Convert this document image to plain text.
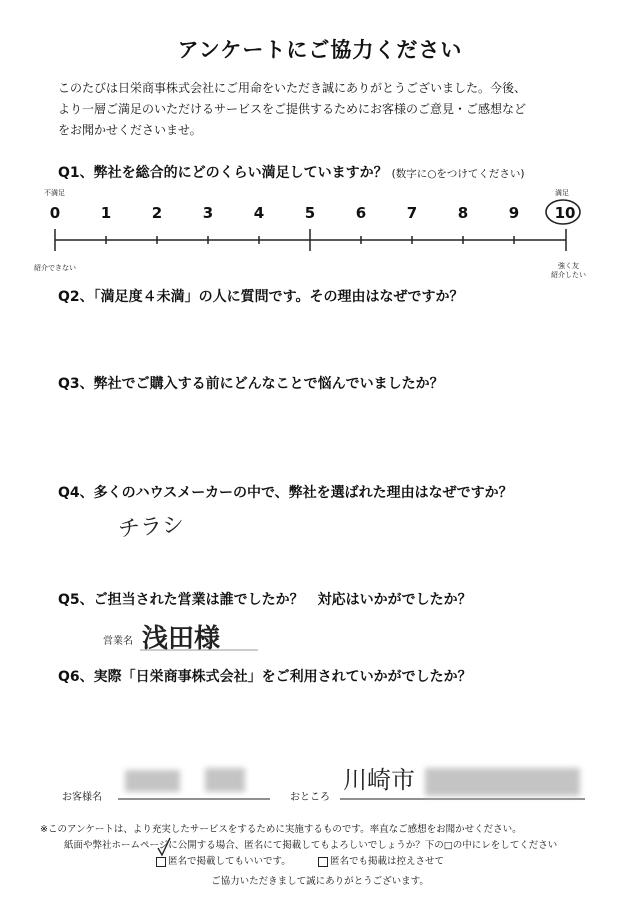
アンケートにご協力ください
このたびは日栄商事株式会社にご用命をいただき誠にありがとうございました。今後、
より一層ご満足のいただけるサービスをご提供するためにお客様のご意見・ご感想など
をお聞かせくださいませ。
Q1、弊社を総合的にどのくらい満足していますか？ (数字に○をつけてください)
不満足	満足
0	1	2	3	4	5	6	7	8	9	10
紹介できない	強く友
紹介したい
Q2、「満足度４未満」の人に質問です。その理由はなぜですか？
Q3、弊社でご購入する前にどんなことで悩んでいましたか？
Q4、多くのハウスメーカーの中で、弊社を選ばれた理由はなぜですか？
チラシ
Q5、ご担当された営業は誰でしたか？　対応はいかがでしたか？
営業名 浅田様
Q6、実際「日栄商事株式会社」をご利用されていかがでしたか？
お客様名	おところ
川崎市
※このアンケートは、より充実したサービスをするために実施するものです。率直なご感想をお聞かせください。
紙面や弊社ホームページに公開する場合、匿名にて掲載してもよろしいでしょうか？下の□の中にレをしてください
匿名で掲載してもいいです。	匿名でも掲載は控えさせて
ご協力いただきまして誠にありがとうございます。
